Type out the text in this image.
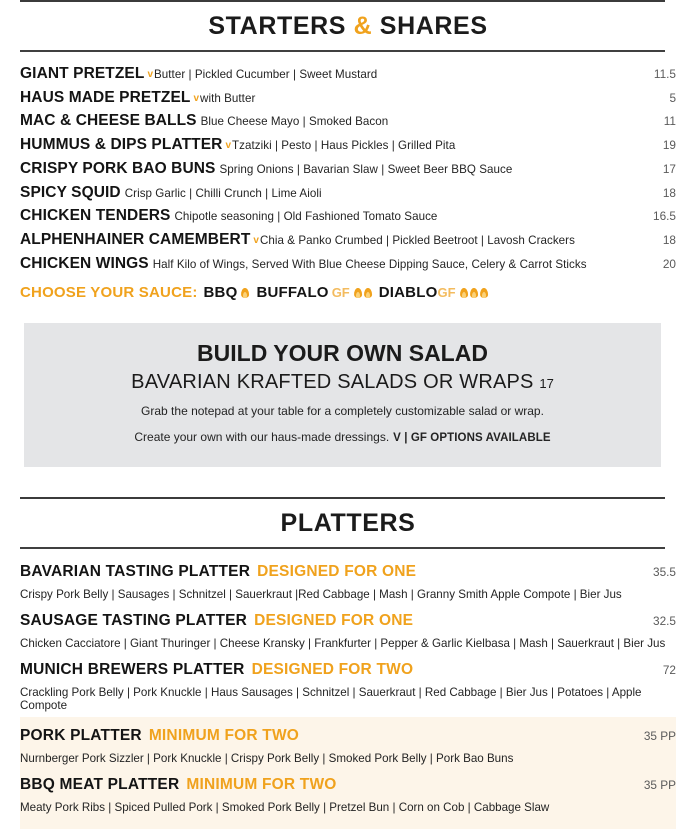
STARTERS & SHARES
GIANT PRETZEL vButter | Pickled Cucumber | Sweet Mustard	11.5
HAUS MADE PRETZEL vwith Butter	5
MAC & CHEESE BALLS Blue Cheese Mayo | Smoked Bacon	11
HUMMUS & DIPS PLATTER vTzatziki | Pesto | Haus Pickles | Grilled Pita	19
CRISPY PORK BAO BUNS Spring Onions | Bavarian Slaw | Sweet Beer BBQ Sauce	17
SPICY SQUID Crisp Garlic | Chilli Crunch | Lime Aioli	18
CHICKEN TENDERS Chipotle seasoning | Old Fashioned Tomato Sauce	16.5
ALPHENHAINER CAMEMBERT vChia & Panko Crumbed | Pickled Beetroot | Lavosh Crackers	18
CHICKEN WINGS Half Kilo of Wings, Served With Blue Cheese Dipping Sauce, Celery & Carrot Sticks	20
CHOOSE YOUR SAUCE: BBQ BUFFALO GF DIABLOGF
BUILD YOUR OWN SALAD
BAVARIAN KRAFTED SALADS OR WRAPS 17
Grab the notepad at your table for a completely customizable salad or wrap.
Create your own with our haus-made dressings. V | GF OPTIONS AVAILABLE
PLATTERS
BAVARIAN TASTING PLATTER DESIGNED FOR ONE	35.5
Crispy Pork Belly | Sausages | Schnitzel | Sauerkraut |Red Cabbage | Mash | Granny Smith Apple Compote | Bier Jus
SAUSAGE TASTING PLATTER DESIGNED FOR ONE	32.5
Chicken Cacciatore | Giant Thuringer | Cheese Kransky | Frankfurter | Pepper & Garlic Kielbasa | Mash | Sauerkraut | Bier Jus
MUNICH BREWERS PLATTER DESIGNED FOR TWO	72
Crackling Pork Belly | Pork Knuckle | Haus Sausages | Schnitzel | Sauerkraut | Red Cabbage | Bier Jus | Potatoes | Apple Compote
PORK PLATTER MINIMUM FOR TWO	35 PP
Nurnberger Pork Sizzler | Pork Knuckle | Crispy Pork Belly | Smoked Pork Belly | Pork Bao Buns
BBQ MEAT PLATTER MINIMUM FOR TWO	35 PP
Meaty Pork Ribs | Spiced Pulled Pork | Smoked Pork Belly | Pretzel Bun | Corn on Cob | Cabbage Slaw
